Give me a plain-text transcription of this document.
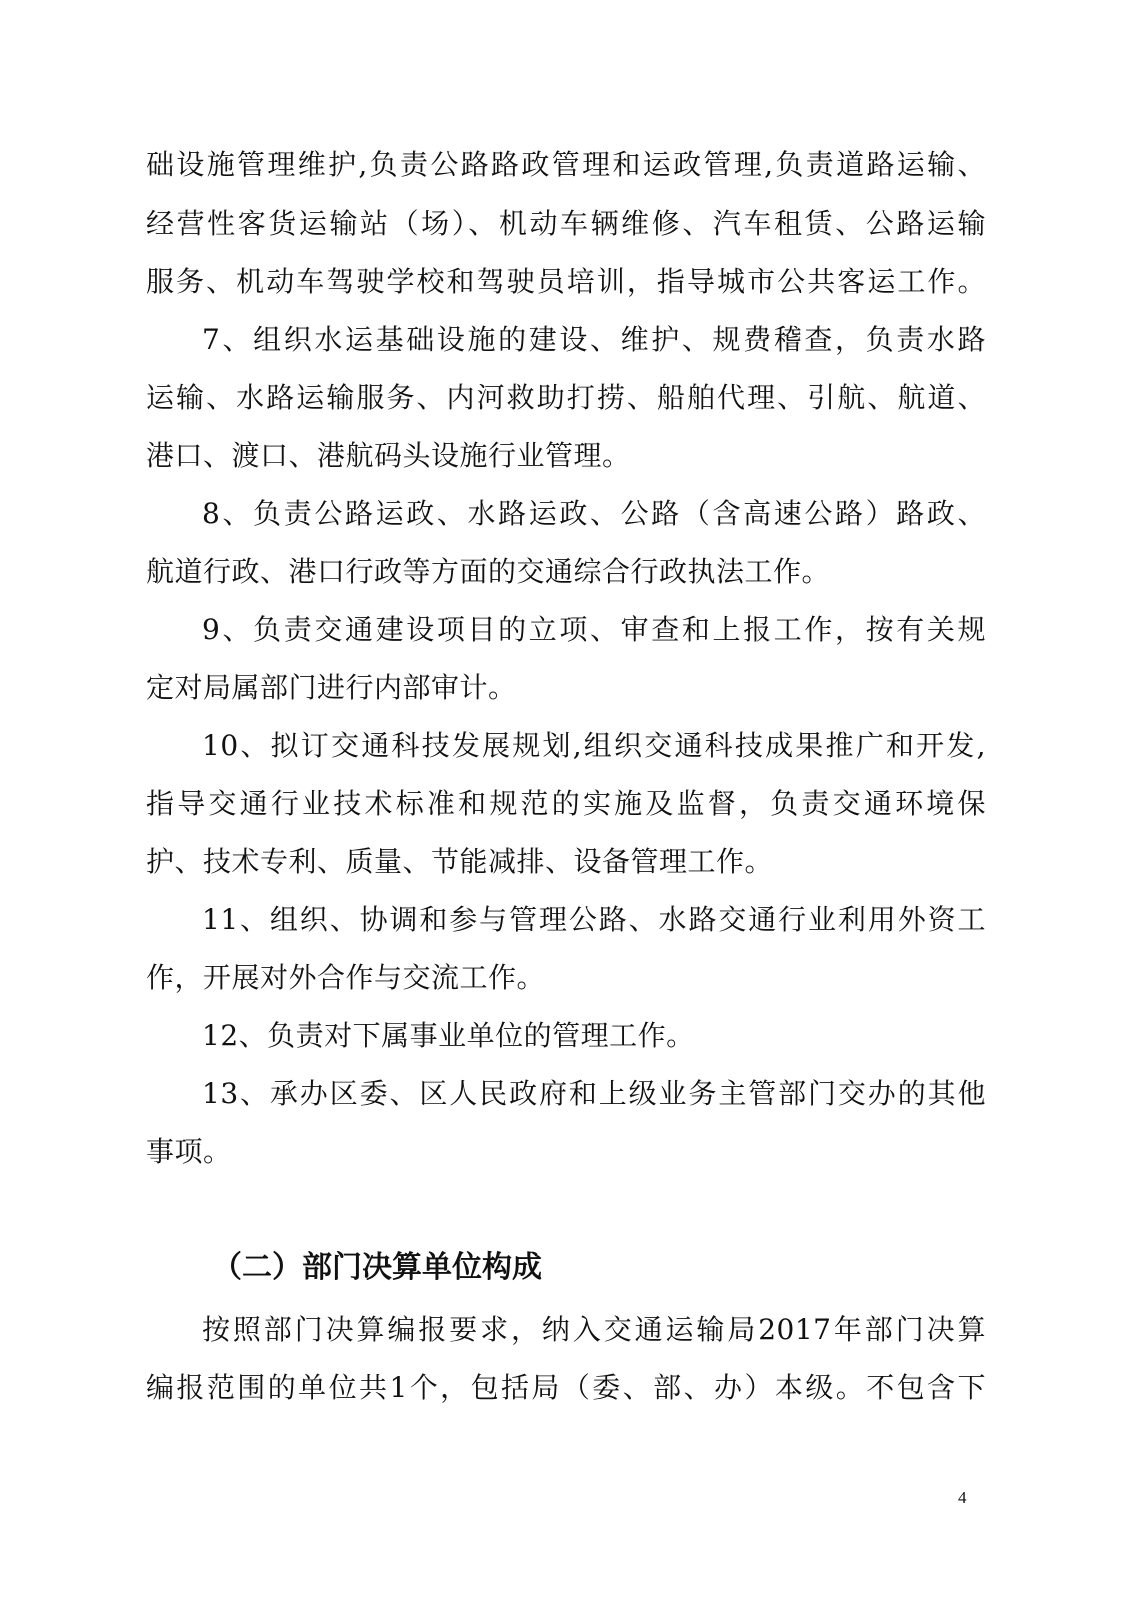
础设施管理维护,负责公路路政管理和运政管理,负责道路运输、
经营性客货运输站（场）、机动车辆维修、汽车租赁、公路运输
服务、机动车驾驶学校和驾驶员培训，指导城市公共客运工作。
7、组织水运基础设施的建设、维护、规费稽查，负责水路
运输、水路运输服务、内河救助打捞、船舶代理、引航、航道、
港口、渡口、港航码头设施行业管理。
8、负责公路运政、水路运政、公路（含高速公路）路政、
航道行政、港口行政等方面的交通综合行政执法工作。
9、负责交通建设项目的立项、审查和上报工作，按有关规
定对局属部门进行内部审计。
10、拟订交通科技发展规划,组织交通科技成果推广和开发,
指导交通行业技术标准和规范的实施及监督，负责交通环境保
护、技术专利、质量、节能减排、设备管理工作。
11、组织、协调和参与管理公路、水路交通行业利用外资工
作，开展对外合作与交流工作。
12、负责对下属事业单位的管理工作。
13、承办区委、区人民政府和上级业务主管部门交办的其他
事项。
（二）部门决算单位构成
按照部门决算编报要求，纳入交通运输局2017年部门决算
编报范围的单位共1个，包括局（委、部、办）本级。不包含下
4
